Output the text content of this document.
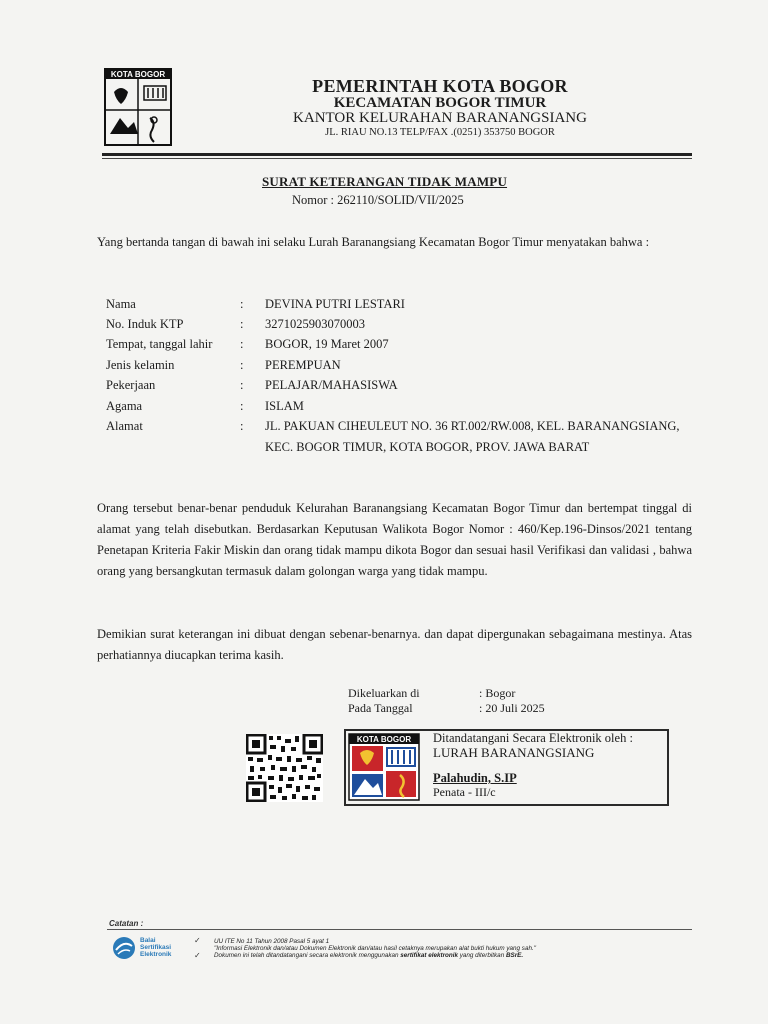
KOTA BOGOR
PEMERINTAH KOTA BOGOR
KECAMATAN BOGOR TIMUR
KANTOR KELURAHAN BARANANGSIANG
JL. RIAU NO.13 TELP/FAX .(0251) 353750 BOGOR
SURAT KETERANGAN TIDAK MAMPU
Nomor : 262110/SOLID/VII/2025
Yang bertanda tangan di bawah ini selaku Lurah Baranangsiang Kecamatan Bogor Timur menyatakan bahwa :
Nama	: DEVINA PUTRI LESTARI
No. Induk KTP	: 3271025903070003
Tempat, tanggal lahir : BOGOR, 19 Maret 2007
Jenis kelamin	: PEREMPUAN
Pekerjaan	: PELAJAR/MAHASISWA
Agama	: ISLAM
Alamat	: JL. PAKUAN CIHEULEUT NO. 36 RT.002/RW.008, KEL. BARANANGSIANG, KEC. BOGOR TIMUR, KOTA BOGOR, PROV. JAWA BARAT
Orang tersebut benar-benar penduduk Kelurahan Baranangsiang Kecamatan Bogor Timur dan bertempat tinggal di alamat yang telah disebutkan. Berdasarkan Keputusan Walikota Bogor Nomor : 460/Kep.196-Dinsos/2021 tentang Penetapan Kriteria Fakir Miskin dan orang tidak mampu dikota Bogor dan sesuai hasil Verifikasi dan validasi , bahwa orang yang bersangkutan termasuk dalam golongan warga yang tidak mampu.
Demikian surat keterangan ini dibuat dengan sebenar-benarnya. dan dapat dipergunakan sebagaimana mestinya. Atas perhatiannya diucapkan terima kasih.
Dikeluarkan di	: Bogor
Pada Tanggal	: 20 Juli 2025
KOTA BOGOR Ditandatangani Secara Elektronik oleh :
LURAH BARANANGSIANG
Palahudin, S.IP
Penata - III/c
Catatan :
Balai
Sertifikasi
Elektronik
✓
✓
UU ITE No 11 Tahun 2008 Pasal 5 ayat 1
"Informasi Elektronik dan/atau Dokumen Elektronik dan/atau hasil cetaknya merupakan alat bukti hukum yang sah."
Dokumen ini telah ditandatangani secara elektronik menggunakan sertifikat elektronik yang diterbitkan BSrE.
